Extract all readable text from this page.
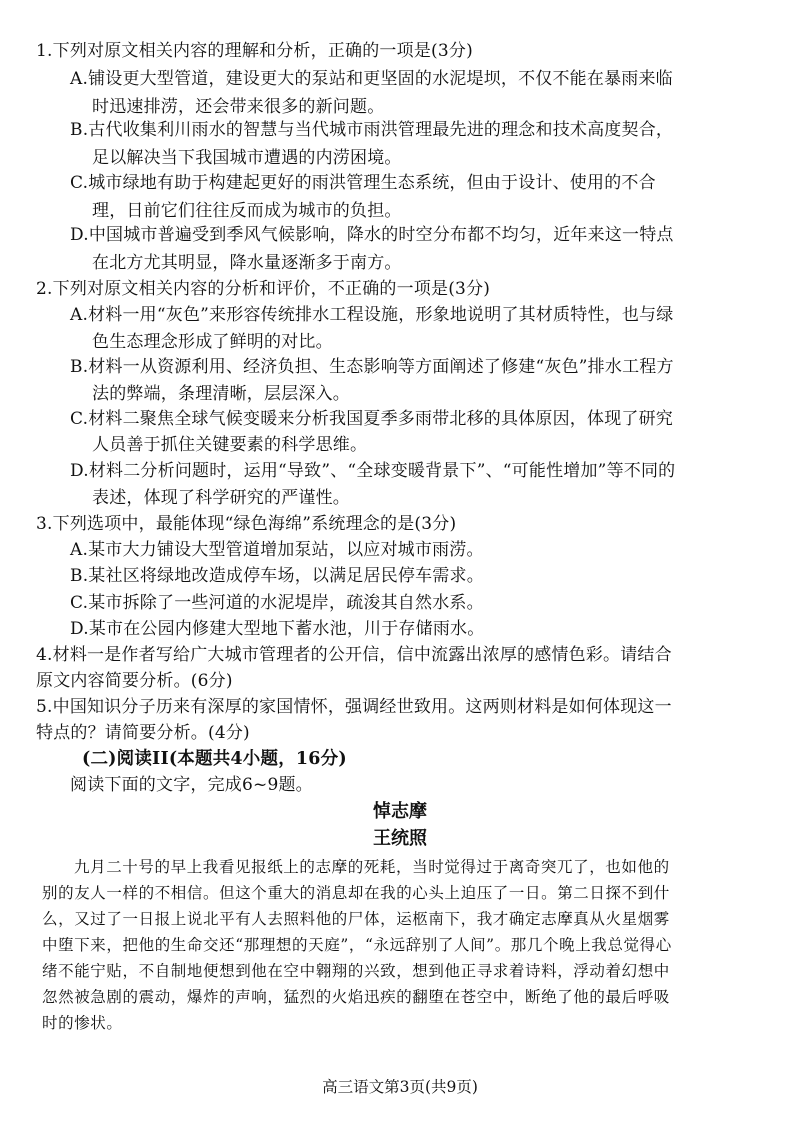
1.下列对原文相关内容的理解和分析，正确的一项是(3分)
A.铺设更大型管道，建设更大的泵站和更坚固的水泥堤坝，不仅不能在暴雨来临
时迅速排涝，还会带来很多的新问题。
B.古代收集利川雨水的智慧与当代城市雨洪管理最先进的理念和技术高度契合，
足以解决当下我国城市遭遇的内涝困境。
C.城市绿地有助于构建起更好的雨洪管理生态系统，但由于设计、使用的不合
理，日前它们往往反而成为城市的负担。
D.中国城市普遍受到季风气候影响，降水的时空分布都不均匀，近年来这一特点
在北方尤其明显，降水量逐渐多于南方。
2.下列对原文相关内容的分析和评价，不正确的一项是(3分)
A.材料一用“灰色”来形容传统排水工程设施，形象地说明了其材质特性，也与绿
色生态理念形成了鲜明的对比。
B.材料一从资源利用、经济负担、生态影响等方面阐述了修建“灰色”排水工程方
法的弊端，条理清晰，层层深入。
C.材料二聚焦全球气候变暖来分析我国夏季多雨带北移的具体原因，体现了研究
人员善于抓住关键要素的科学思维。
D.材料二分析问题时，运用“导致”、“全球变暖背景下”、“可能性增加”等不同的
表述，体现了科学研究的严谨性。
3.下列选项中，最能体现“绿色海绵”系统理念的是(3分)
A.某市大力铺设大型管道增加泵站，以应对城市雨涝。
B.某社区将绿地改造成停车场，以满足居民停车需求。
C.某市拆除了一些河道的水泥堤岸，疏浚其自然水系。
D.某市在公园内修建大型地下蓄水池，川于存储雨水。
4.材料一是作者写给广大城市管理者的公开信，信中流露出浓厚的感情色彩。请结合
原文内容简要分析。(6分)
5.中国知识分子历来有深厚的家国情怀，强调经世致用。这两则材料是如何体现这一
特点的？请简要分析。(4分)
(二)阅读II(本题共4小题，16分)
阅读下面的文字，完成6~9题。
悼志摩
王统照
九月二十号的早上我看见报纸上的志摩的死耗，当时觉得过于离奇突兀了，也如他的
别的友人一样的不相信。但这个重大的消息却在我的心头上迫压了一日。第二日探不到什
么，又过了一日报上说北平有人去照料他的尸体，运柩南下，我才确定志摩真从火星烟雾
中堕下来，把他的生命交还“那理想的天庭”，“永远辞别了人间”。那几个晚上我总觉得心
绪不能宁贴，不自制地便想到他在空中翱翔的兴致，想到他正寻求着诗料，浮动着幻想中
忽然被急剧的震动，爆炸的声响，猛烈的火焰迅疾的翻堕在苍空中，断绝了他的最后呼吸
时的惨状。
高三语文第3页(共9页)
